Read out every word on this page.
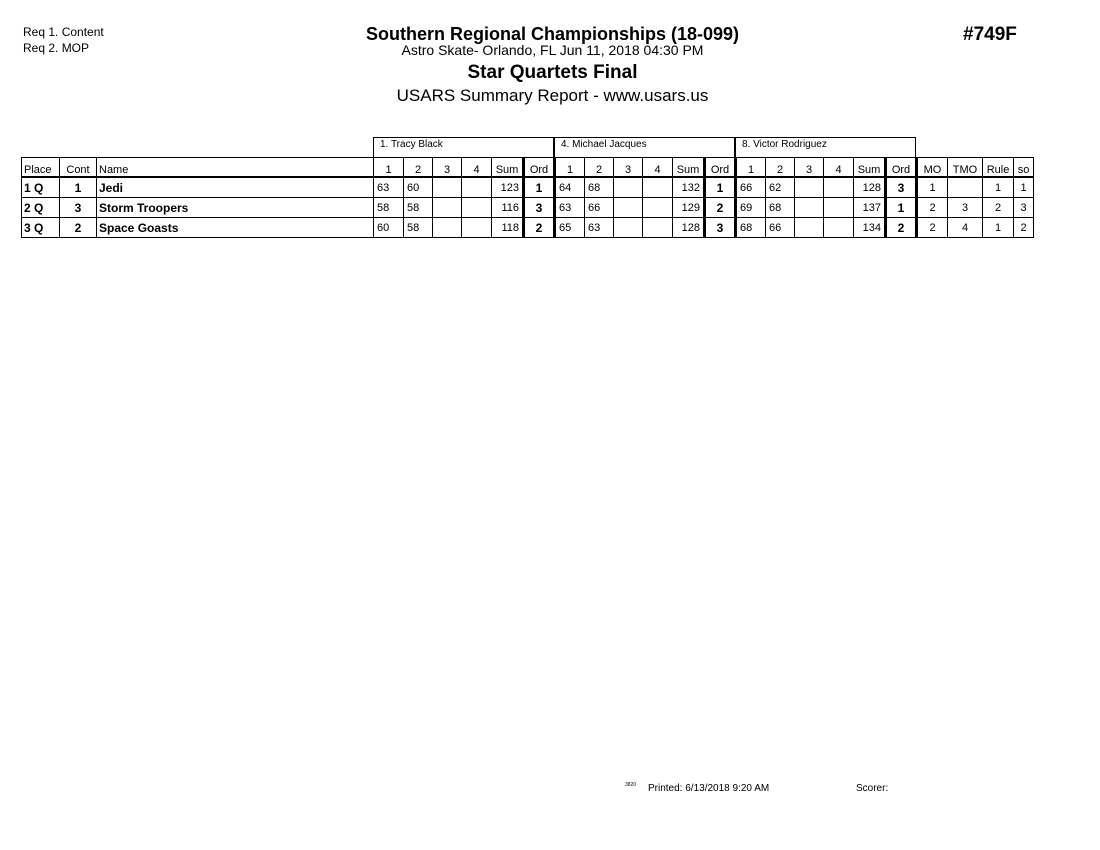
Req 1. Content
Req 2. MOP
Southern Regional Championships (18-099)
Astro Skate- Orlando, FL Jun 11, 2018 04:30 PM
Star Quartets Final
USARS Summary Report - www.usars.us
#749F
1. Tracy Black	4. Michael Jacques	8. Victor Rodriguez
Place	Cont	Name	1	2	3	4	Sum	Ord	1	2	3	4	Sum	Ord	1	2	3	4	Sum	Ord	MO	TMO	Rule	so
1 Q	1	Jedi	63	60			123	1	64	68			132	1	66	62			128	3	1		1	1
2 Q	3	Storm Troopers	58	58			116	3	63	66			129	2	69	68			137	1	2	3	2	3
3 Q	2	Space Goasts	60	58			118	2	65	63			128	3	68	66			134	2	2	4	1	2
3820 Printed: 6/13/2018 9:20 AM	Scorer:
